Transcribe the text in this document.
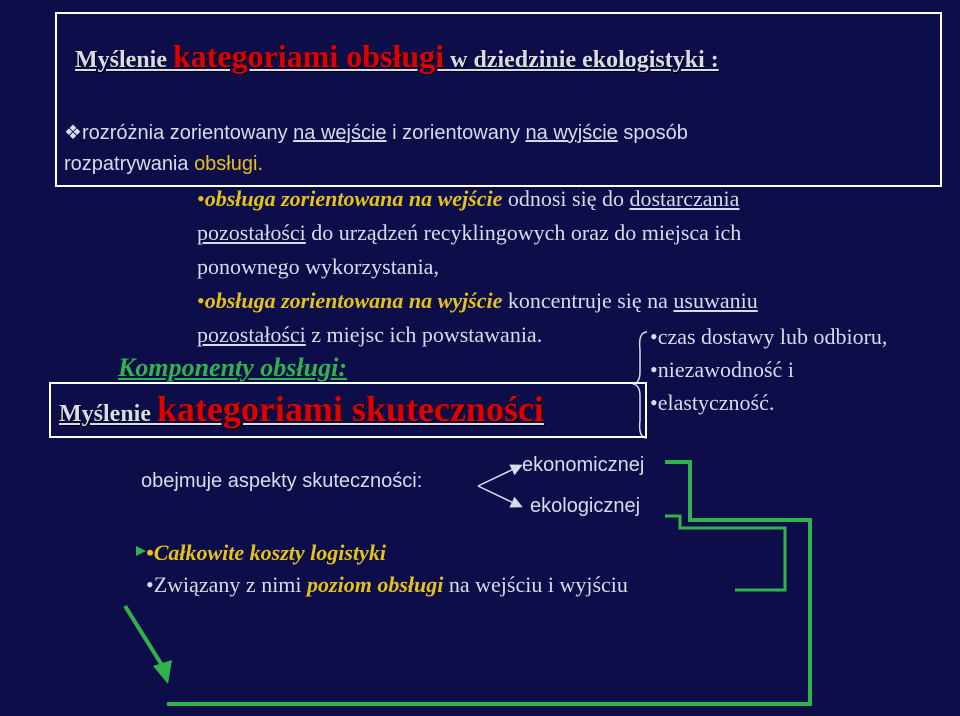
Myślenie kategoriami obsługi w dziedzinie ekologistyki :
❖rozróżnia zorientowany na wejście i zorientowany na wyjście sposób
rozpatrywania obsługi.
•obsługa zorientowana na wejście odnosi się do dostarczania
pozostałości do urządzeń recyklingowych oraz do miejsca ich
ponownego wykorzystania,
•obsługa zorientowana na wyjście koncentruje się na usuwaniu
pozostałości z miejsc ich powstawania.
Komponenty obsługi:
•czas dostawy lub odbioru,
•niezawodność i
•elastyczność.
Myślenie kategoriami skuteczności
obejmuje aspekty skuteczności:
ekonomicznej
ekologicznej
•Całkowite koszty logistyki
•Związany z nimi poziom obsługi na wejściu i wyjściu
